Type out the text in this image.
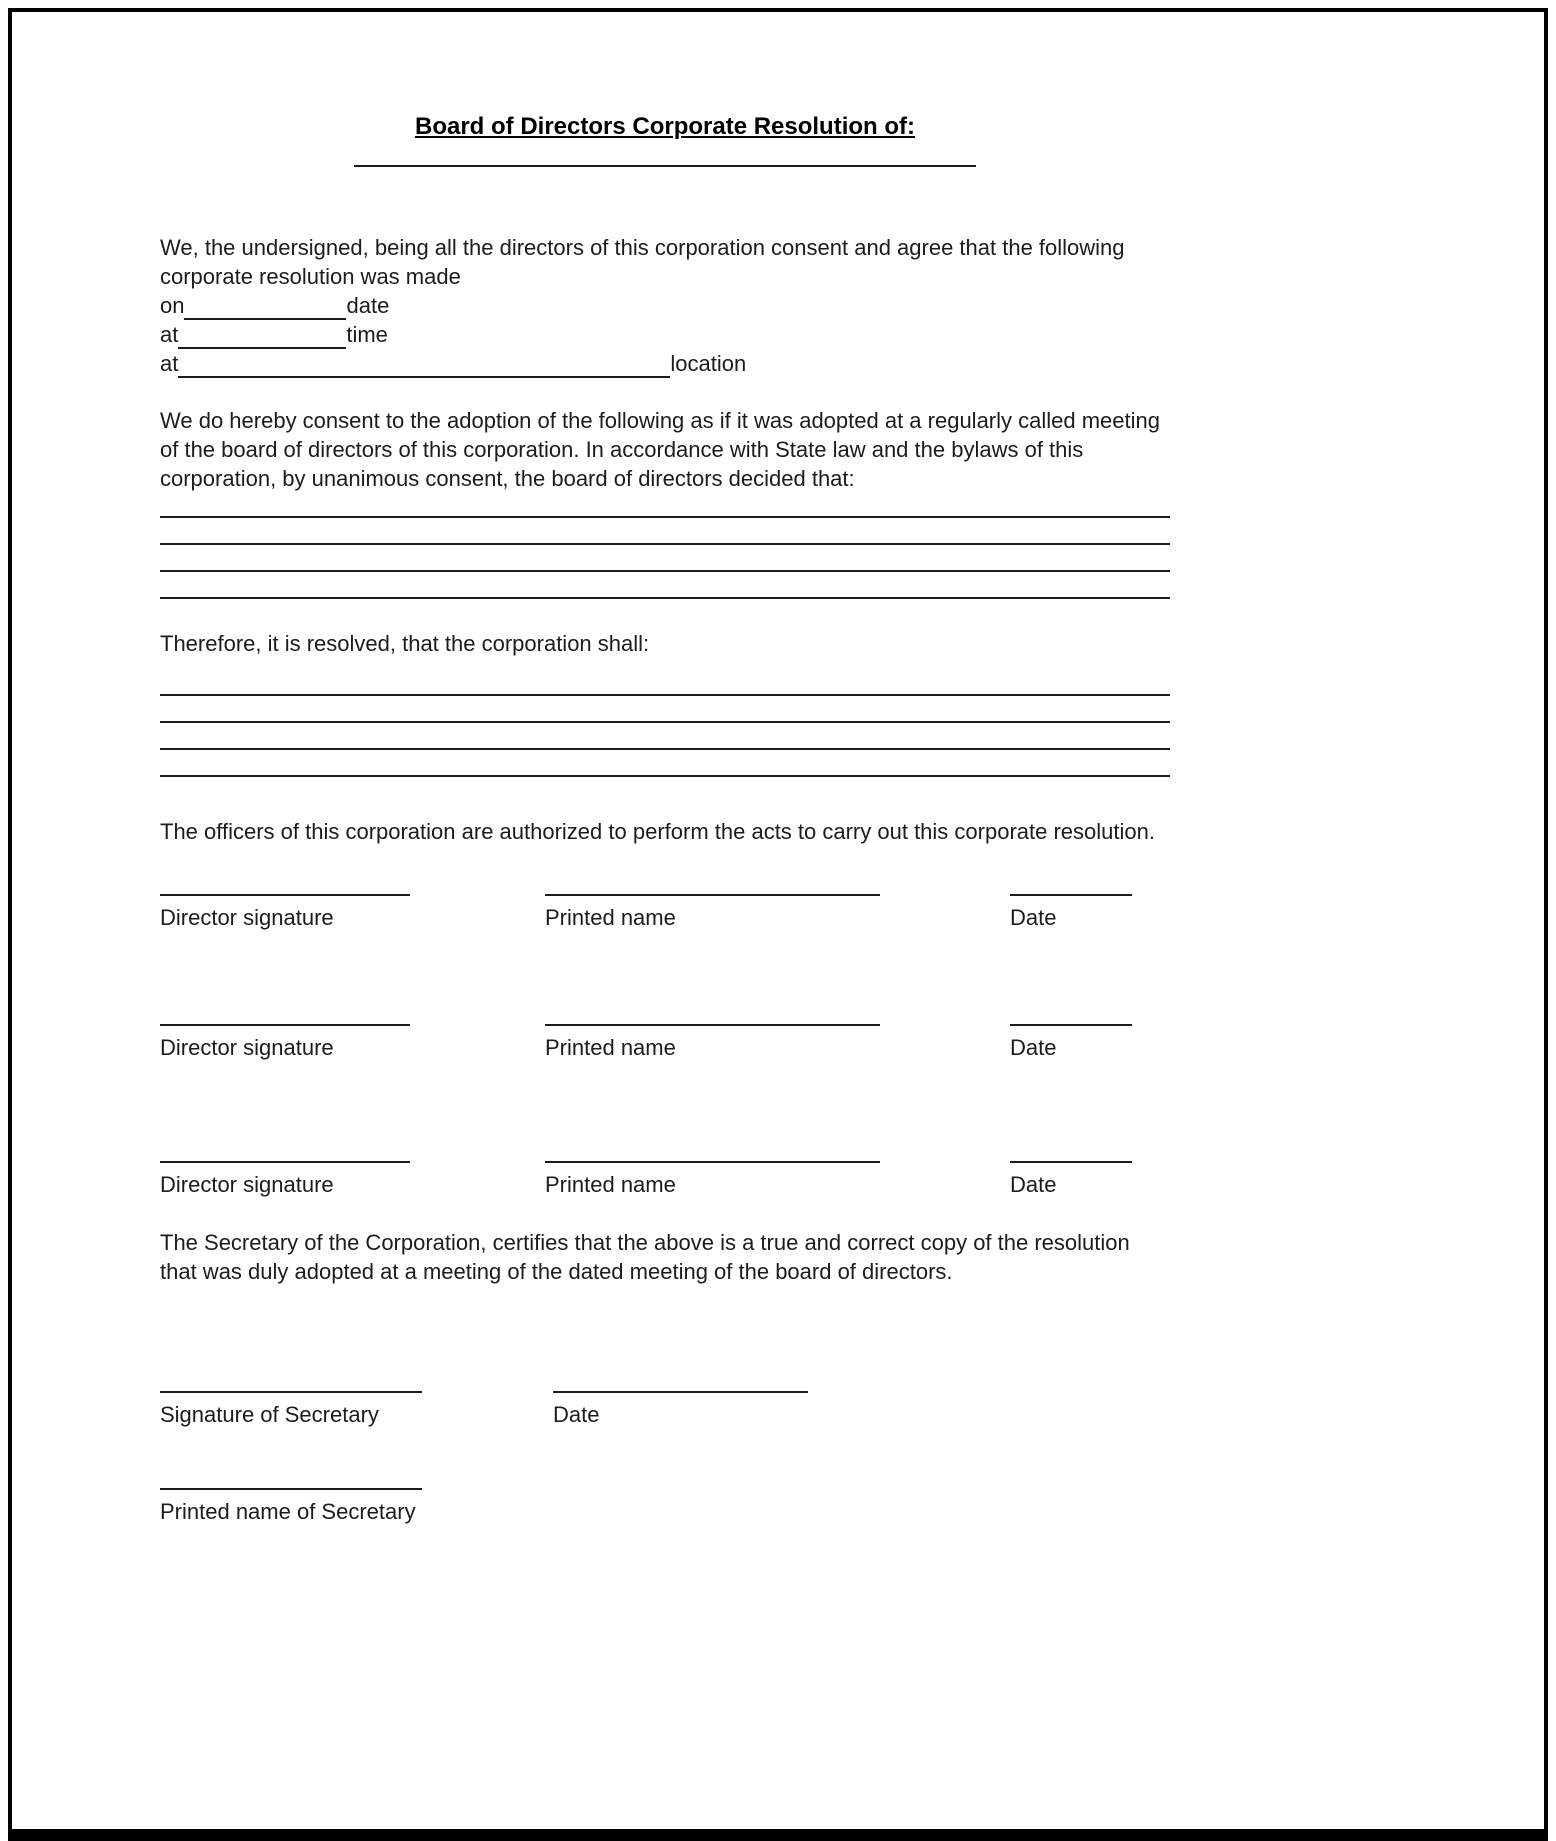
Board of Directors Corporate Resolution of:

We, the undersigned, being all the directors of this corporation consent and agree that the following corporate resolution was made

on	date
at	time
at	location

We do hereby consent to the adoption of the following as if it was adopted at a regularly called meeting of the board of directors of this corporation. In accordance with State law and the bylaws of this corporation, by unanimous consent, the board of directors decided that:

Therefore, it is resolved, that the corporation shall:

The officers of this corporation are authorized to perform the acts to carry out this corporate resolution.

Director signature	Printed name	Date
Director signature	Printed name	Date
Director signature	Printed name	Date

The Secretary of the Corporation, certifies that the above is a true and correct copy of the resolution that was duly adopted at a meeting of the dated meeting of the board of directors.

Signature of Secretary	Date
Printed name of Secretary
